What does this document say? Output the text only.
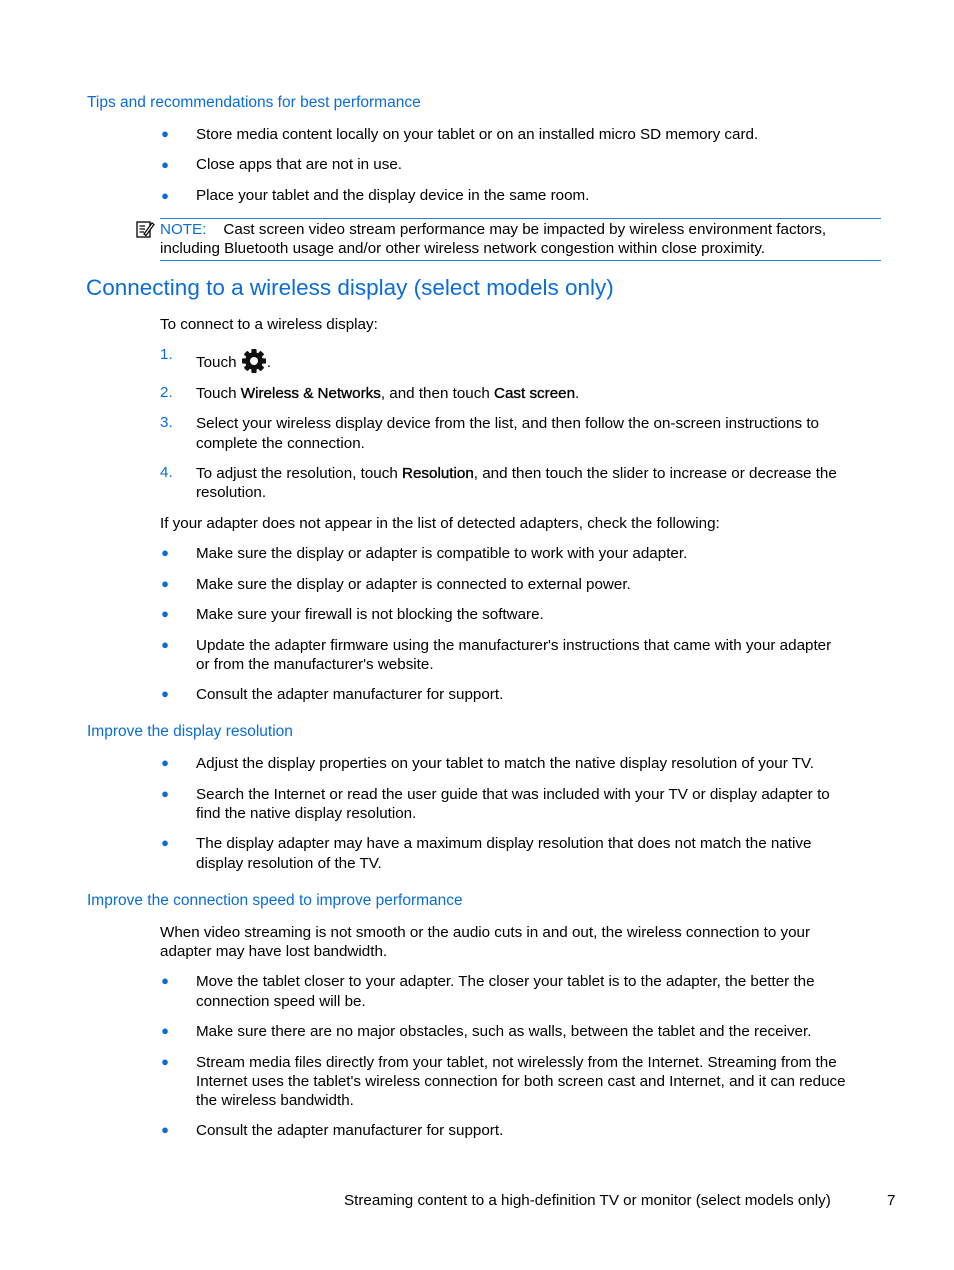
Tips and recommendations for best performance
● Store media content locally on your tablet or on an installed micro SD memory card.
● Close apps that are not in use.
● Place your tablet and the display device in the same room.
NOTE: Cast screen video stream performance may be impacted by wireless environment factors,
including Bluetooth usage and/or other wireless network congestion within close proximity.
Connecting to a wireless display (select models only)
To connect to a wireless display:
1. Touch .
2. Touch Wireless & Networks, and then touch Cast screen.
3. Select your wireless display device from the list, and then follow the on-screen instructions to
complete the connection.
4. To adjust the resolution, touch Resolution, and then touch the slider to increase or decrease the
resolution.
If your adapter does not appear in the list of detected adapters, check the following:
● Make sure the display or adapter is compatible to work with your adapter.
● Make sure the display or adapter is connected to external power.
● Make sure your firewall is not blocking the software.
● Update the adapter firmware using the manufacturer's instructions that came with your adapter
or from the manufacturer's website.
● Consult the adapter manufacturer for support.
Improve the display resolution
● Adjust the display properties on your tablet to match the native display resolution of your TV.
● Search the Internet or read the user guide that was included with your TV or display adapter to
find the native display resolution.
● The display adapter may have a maximum display resolution that does not match the native
display resolution of the TV.
Improve the connection speed to improve performance
When video streaming is not smooth or the audio cuts in and out, the wireless connection to your
adapter may have lost bandwidth.
● Move the tablet closer to your adapter. The closer your tablet is to the adapter, the better the
connection speed will be.
● Make sure there are no major obstacles, such as walls, between the tablet and the receiver.
● Stream media files directly from your tablet, not wirelessly from the Internet. Streaming from the
Internet uses the tablet's wireless connection for both screen cast and Internet, and it can reduce
the wireless bandwidth.
● Consult the adapter manufacturer for support.
Streaming content to a high-definition TV or monitor (select models only)	7
